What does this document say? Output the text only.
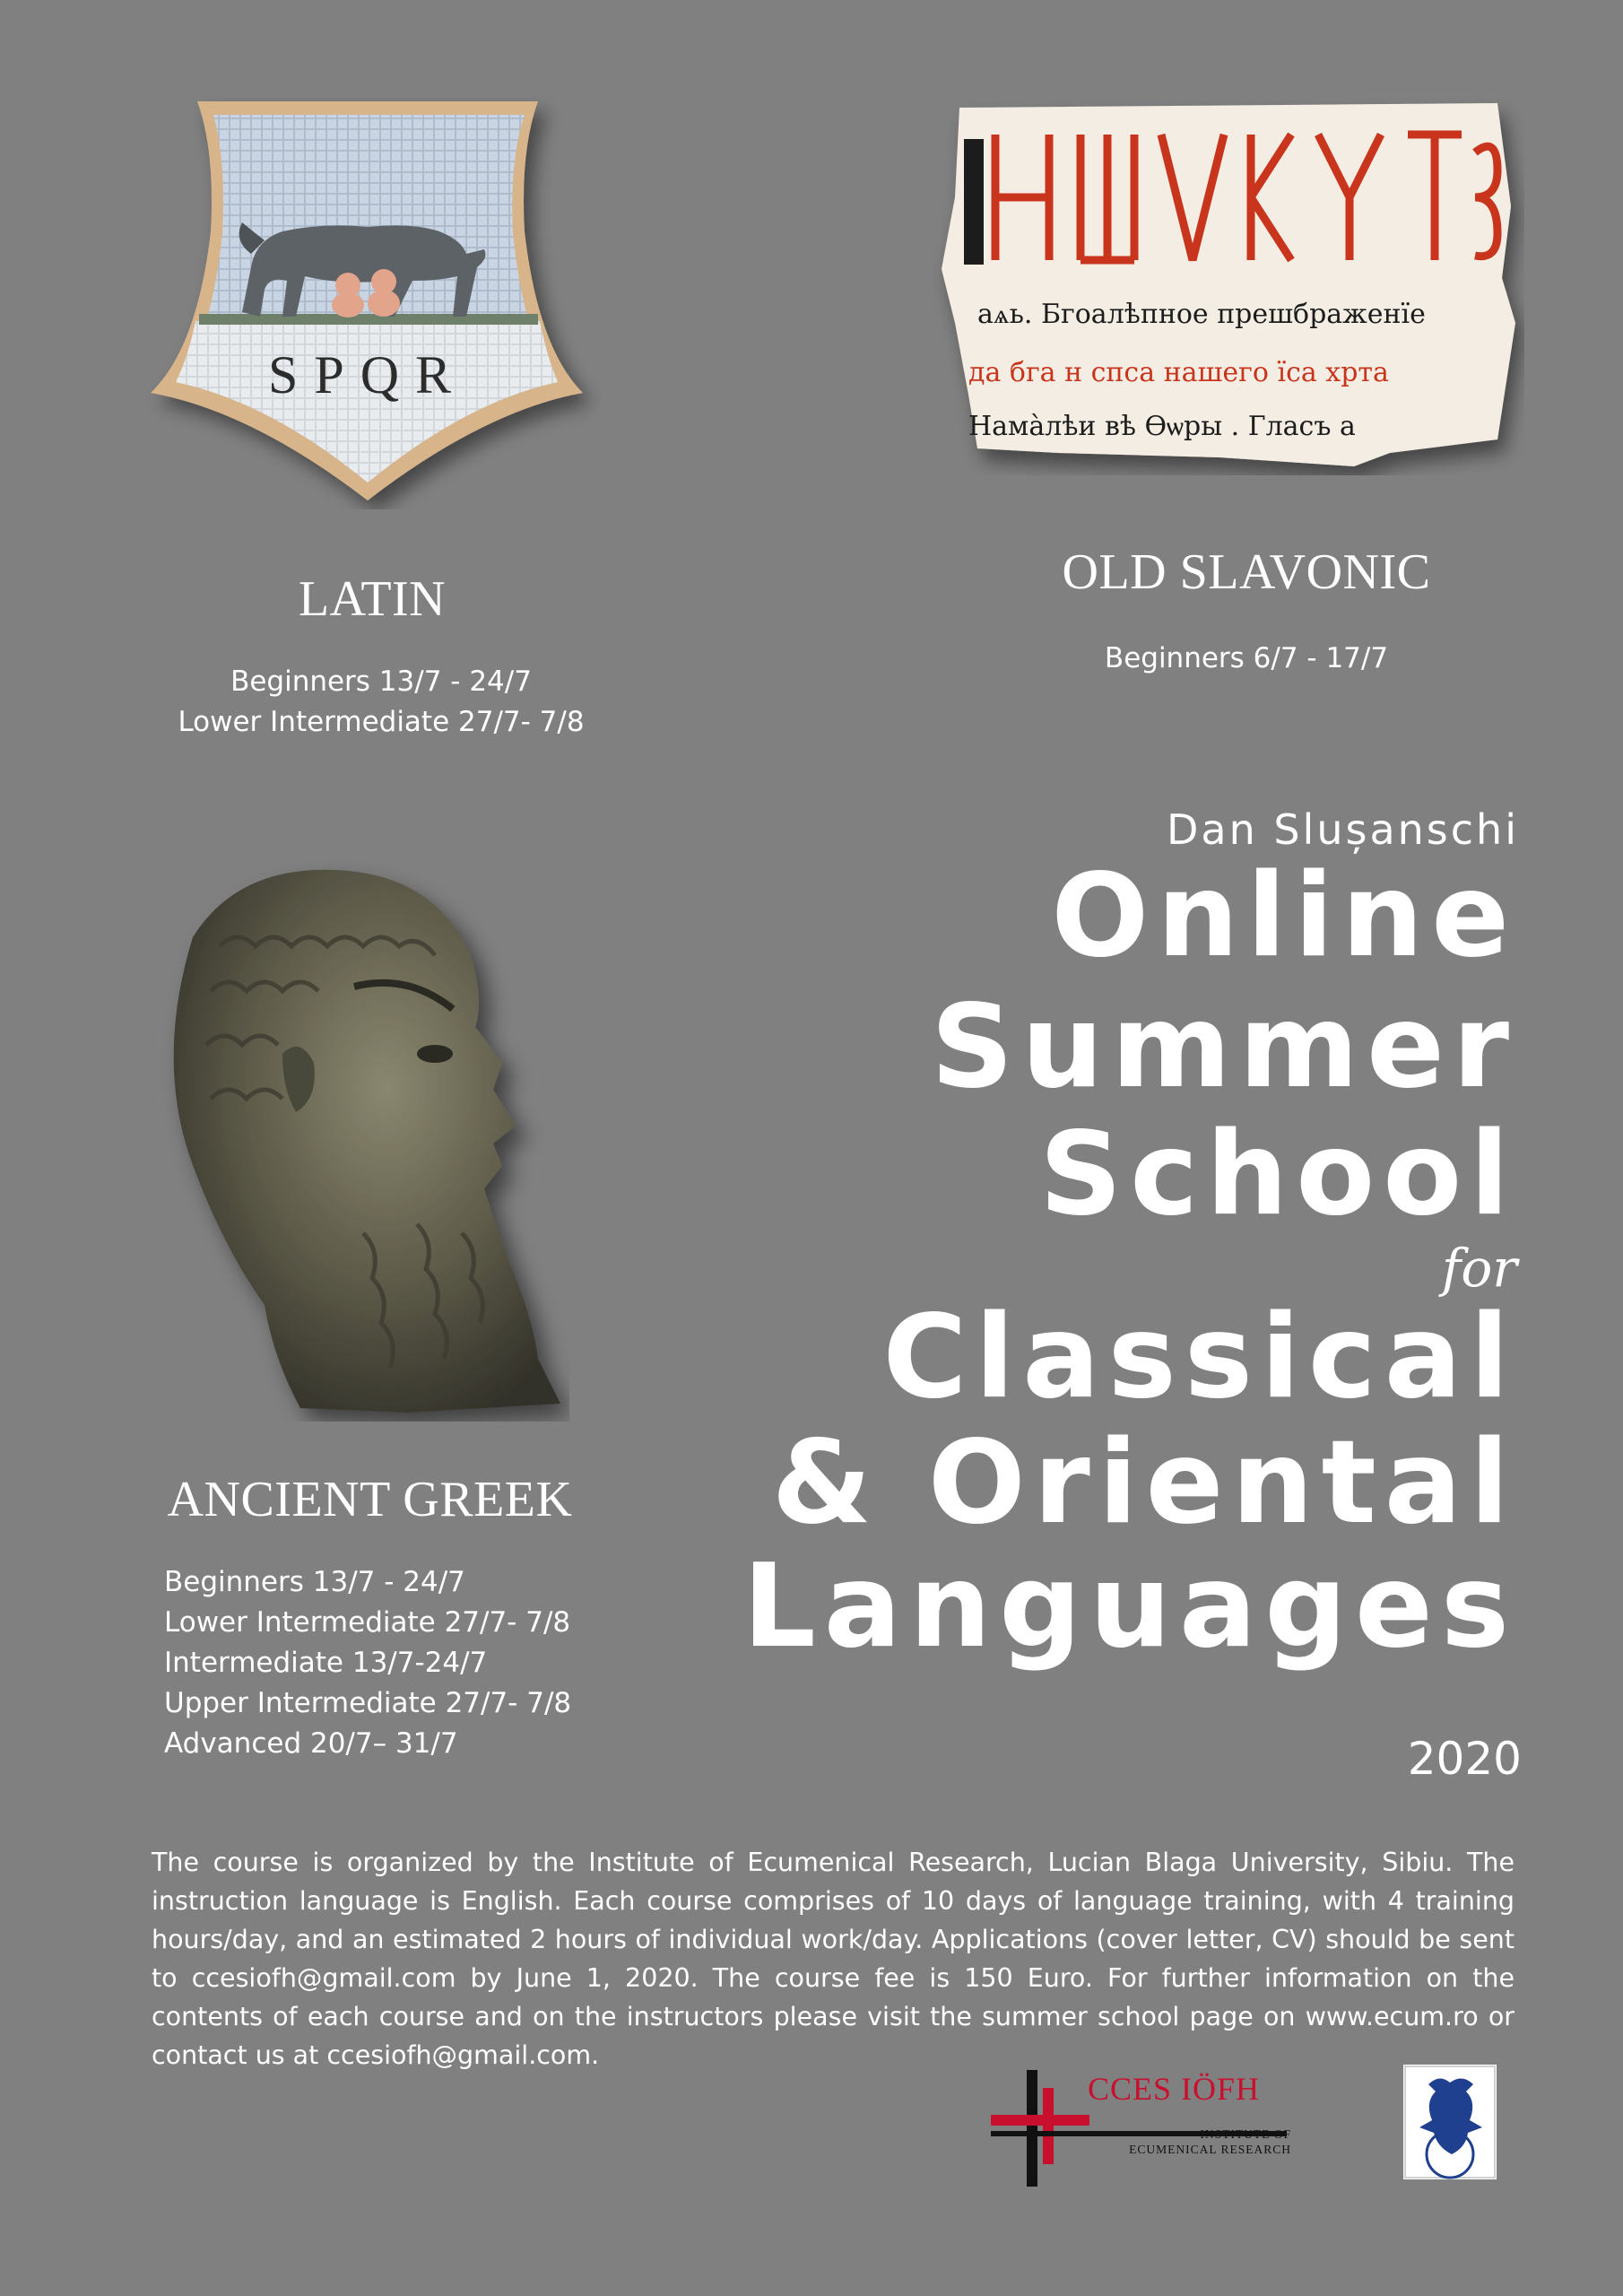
SPQR
аѧь. Бгоалѣпное прешбраженїе
да бга н спса нашего їса хрта
Нама̀лѣи вѣ Ѳѡры . Гласъ а
LATIN
Beginners 13/7 - 24/7
Lower Intermediate 27/7- 7/8
OLD SLAVONIC
Beginners 6/7 - 17/7
ANCIENT GREEK
Beginners 13/7 - 24/7
Lower Intermediate 27/7- 7/8
Intermediate 13/7-24/7
Upper Intermediate 27/7- 7/8
Advanced 20/7– 31/7
Dan Slușanschi
Online
Summer
School
for
Classical
& Oriental
Languages
2020
The course is organized by the Institute of Ecumenical Research, Lucian Blaga University, Sibiu. The instruction language is English. Each course comprises of 10 days of language training, with 4 training hours/day, and an estimated 2 hours of individual work/day. Applications (cover letter, CV) should be sent to ccesiofh@gmail.com by June 1, 2020. The course fee is 150 Euro. For further information on the contents of each course and on the instructors please visit the summer school page on www.ecum.ro or contact us at ccesiofh@gmail.com.
CCES IÖFH
INSTITUTE OF
ECUMENICAL RESEARCH
